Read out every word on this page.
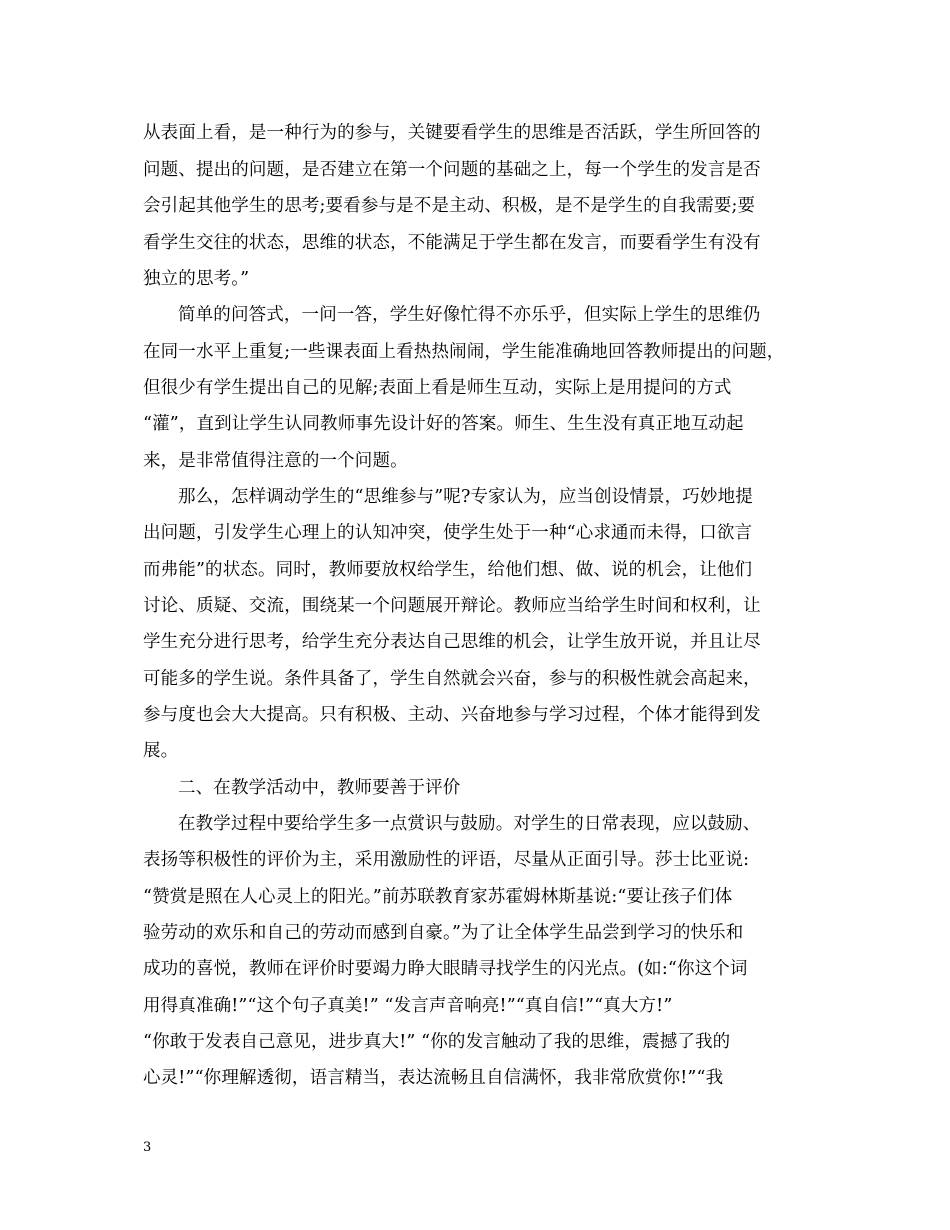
从表面上看，是一种行为的参与，关键要看学生的思维是否活跃，学生所回答的
问题、提出的问题，是否建立在第一个问题的基础之上，每一个学生的发言是否
会引起其他学生的思考;要看参与是不是主动、积极，是不是学生的自我需要;要
看学生交往的状态，思维的状态，不能满足于学生都在发言，而要看学生有没有
独立的思考。”
简单的问答式，一问一答，学生好像忙得不亦乐乎，但实际上学生的思维仍
在同一水平上重复;一些课表面上看热热闹闹，学生能准确地回答教师提出的问题，
但很少有学生提出自己的见解;表面上看是师生互动，实际上是用提问的方式
“灌”，直到让学生认同教师事先设计好的答案。师生、生生没有真正地互动起
来，是非常值得注意的一个问题。
那么，怎样调动学生的“思维参与”呢?专家认为，应当创设情景，巧妙地提
出问题，引发学生心理上的认知冲突，使学生处于一种“心求通而未得，口欲言
而弗能”的状态。同时，教师要放权给学生，给他们想、做、说的机会，让他们
讨论、质疑、交流，围绕某一个问题展开辩论。教师应当给学生时间和权利，让
学生充分进行思考，给学生充分表达自己思维的机会，让学生放开说，并且让尽
可能多的学生说。条件具备了，学生自然就会兴奋，参与的积极性就会高起来，
参与度也会大大提高。只有积极、主动、兴奋地参与学习过程，个体才能得到发
展。
二、在教学活动中，教师要善于评价
在教学过程中要给学生多一点赏识与鼓励。对学生的日常表现，应以鼓励、
表扬等积极性的评价为主，采用激励性的评语，尽量从正面引导。莎士比亚说:
“赞赏是照在人心灵上的阳光。”前苏联教育家苏霍姆林斯基说:“要让孩子们体
验劳动的欢乐和自己的劳动而感到自豪。”为了让全体学生品尝到学习的快乐和
成功的喜悦，教师在评价时要竭力睁大眼睛寻找学生的闪光点。(如:“你这个词
用得真准确!”“这个句子真美!” “发言声音响亮!”“真自信!”“真大方!”
“你敢于发表自己意见，进步真大!” “你的发言触动了我的思维，震撼了我的
心灵!”“你理解透彻，语言精当，表达流畅且自信满怀，我非常欣赏你!”“我
3
